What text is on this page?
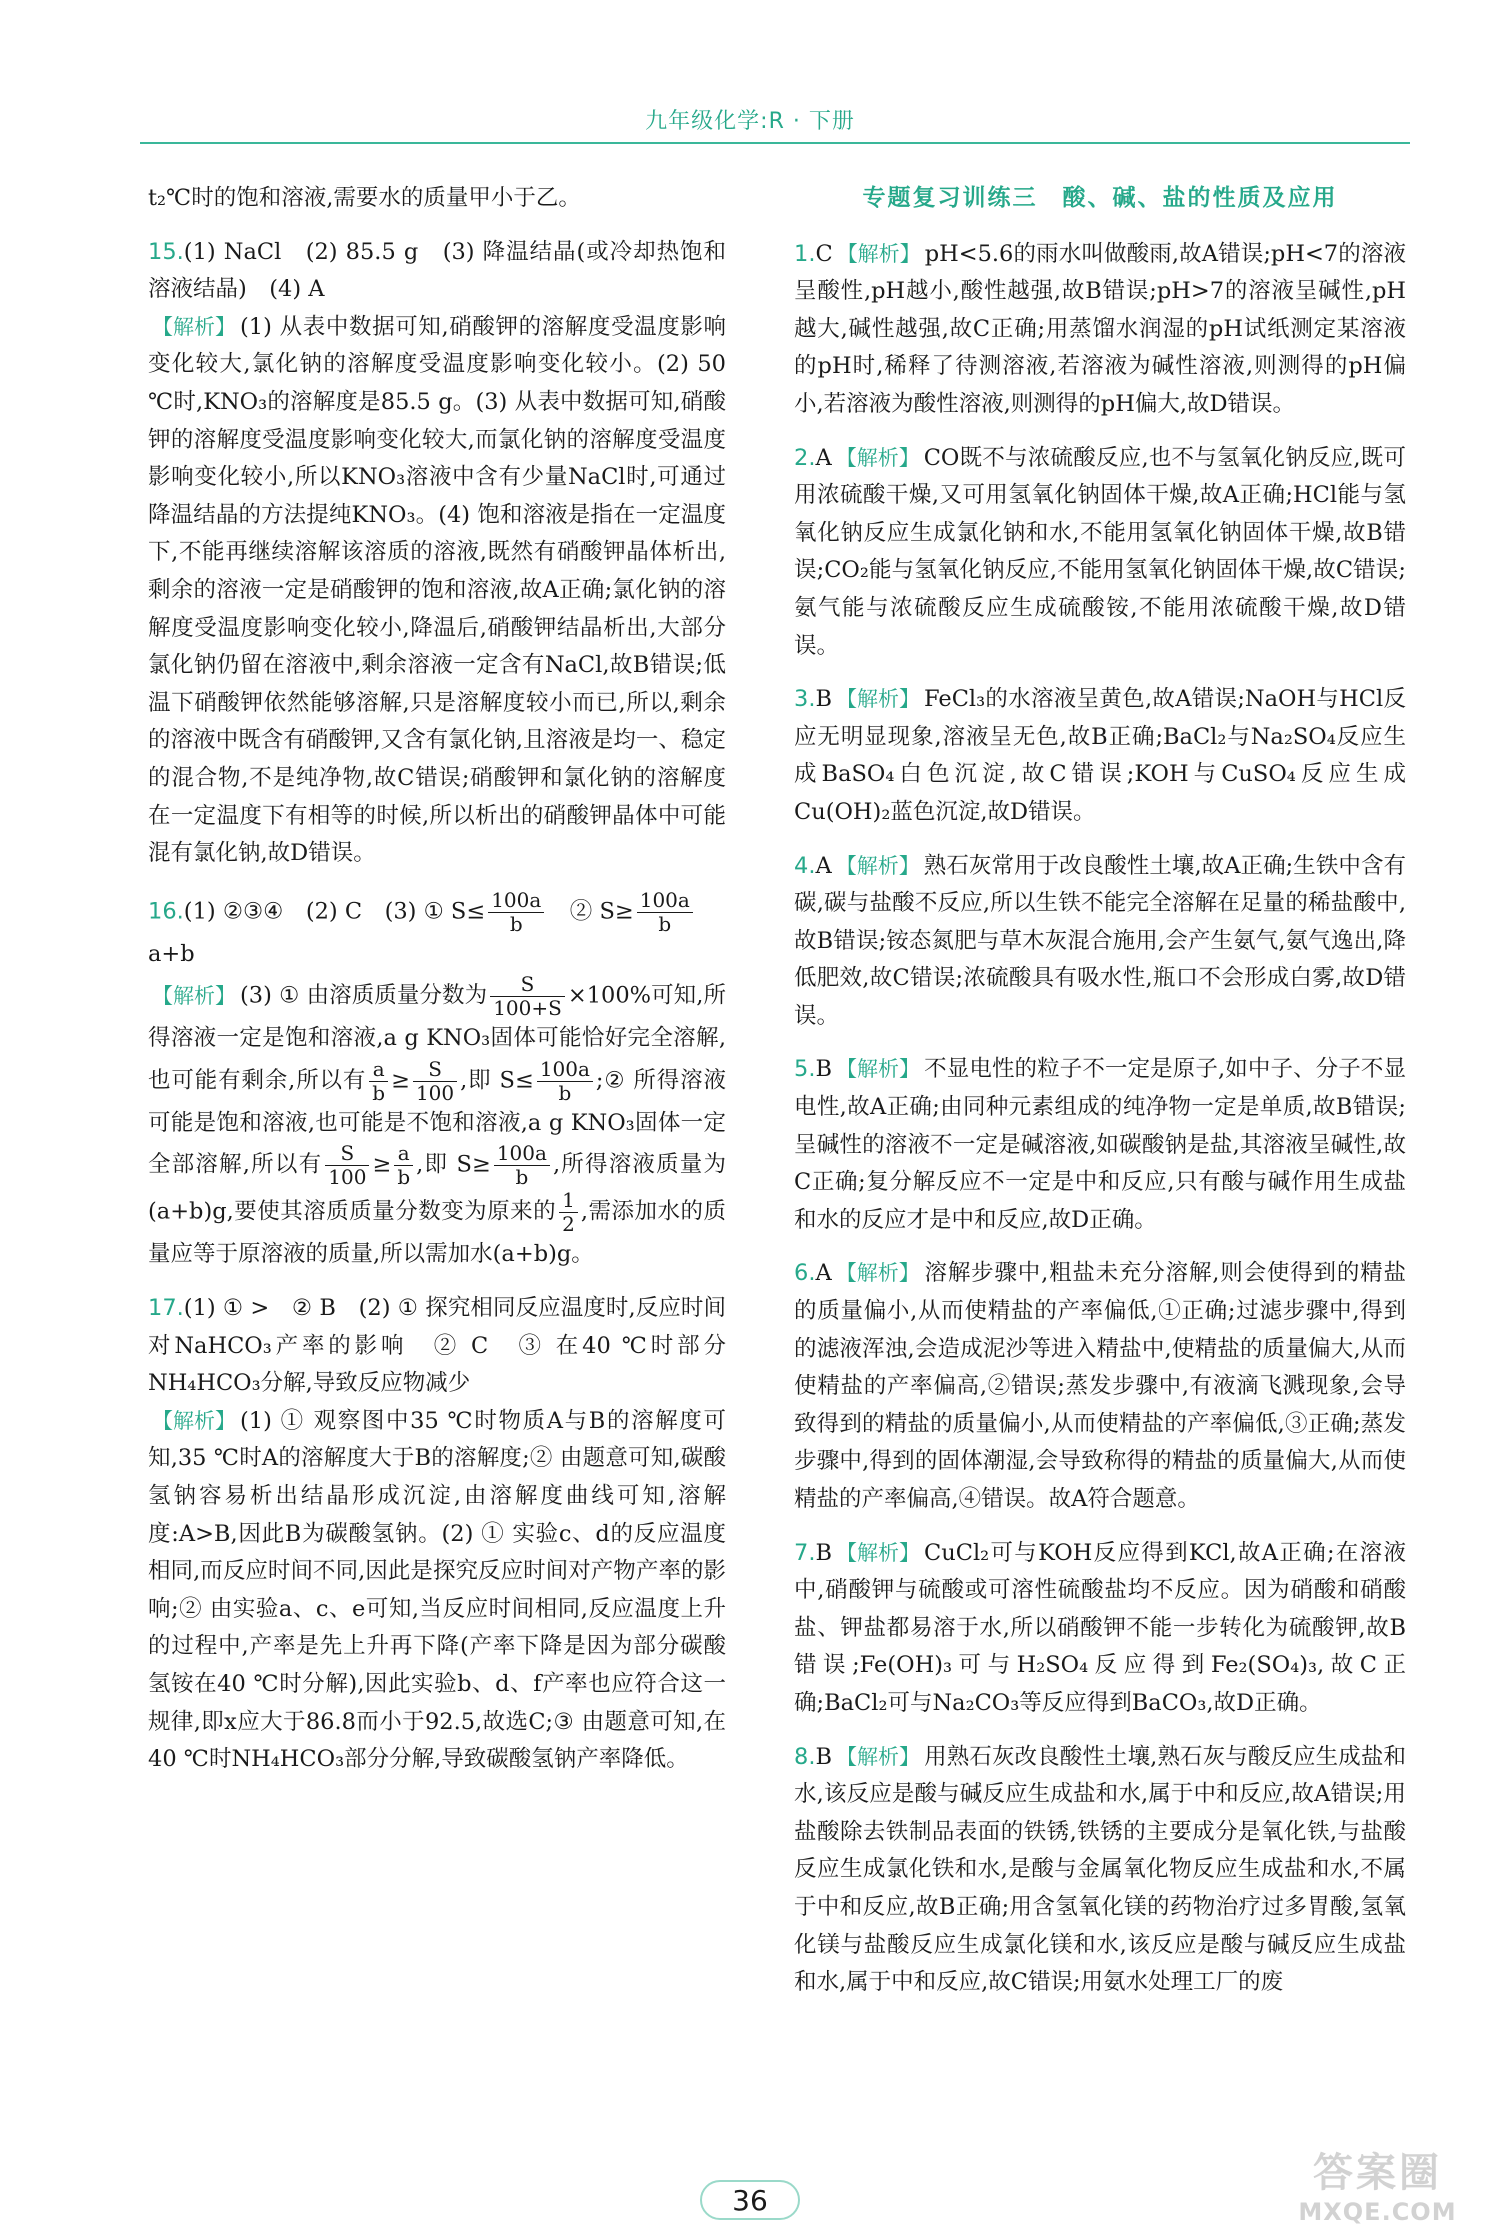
九年级化学:R · 下册
t₂℃时的饱和溶液,需要水的质量甲小于乙。
15.(1) NaCl　(2) 85.5 g　(3) 降温结晶(或冷却热饱和溶液结晶)　(4) A
【解析】 (1) 从表中数据可知,硝酸钾的溶解度受温度影响变化较大,氯化钠的溶解度受温度影响变化较小。(2) 50 ℃时,KNO₃的溶解度是85.5 g。(3) 从表中数据可知,硝酸钾的溶解度受温度影响变化较大,而氯化钠的溶解度受温度影响变化较小,所以KNO₃溶液中含有少量NaCl时,可通过降温结晶的方法提纯KNO₃。(4) 饱和溶液是指在一定温度下,不能再继续溶解该溶质的溶液,既然有硝酸钾晶体析出,剩余的溶液一定是硝酸钾的饱和溶液,故A正确;氯化钠的溶解度受温度影响变化较小,降温后,硝酸钾结晶析出,大部分氯化钠仍留在溶液中,剩余溶液一定含有NaCl,故B错误;低温下硝酸钾依然能够溶解,只是溶解度较小而已,所以,剩余的溶液中既含有硝酸钾,又含有氯化钠,且溶液是均一、稳定的混合物,不是纯净物,故C错误;硝酸钾和氯化钠的溶解度在一定温度下有相等的时候,所以析出的硝酸钾晶体中可能混有氯化钠,故D错误。
16.(1) ②③④　(2) C　(3) ① $S\le \frac{100a}{b}$ 　② $S\ge \frac{100a}{b}$

a+b
【解析】 (3) ① 由溶质质量分数为 $\frac{S}{100+S} \times 100\%$可知,所得溶液一定是饱和溶液,a g KNO₃固体可能恰好完全溶解,也可能有剩余,所以有 $\frac{a}{b} \ge \frac{S}{100}$ ,即 $S\le \frac{100a}{b}$ ;② 所得溶液可能是饱和溶液,也可能是不饱和溶液,a g KNO₃固体一定全部溶解,所以有 $\frac{S}{100} \ge \frac{a}{b}$ ,即 $S\ge \frac{100a}{b}$ ,所得溶液质量为(a+b)g,要使其溶质质量分数变为原来的 $\frac{1}{2}$ ,需添加水的质量应等于原溶液的质量,所以需加水(a+b)g。
17.(1) ① >　② B　(2) ① 探究相同反应温度时,反应时间对NaHCO₃产率的影响　② C　③ 在40 ℃时部分NH₄HCO₃分解,导致反应物减少
【解析】 (1) ① 观察图中35 ℃时物质A与B的溶解度可知,35 ℃时A的溶解度大于B的溶解度;② 由题意可知,碳酸氢钠容易析出结晶形成沉淀,由溶解度曲线可知,溶解度:A>B,因此B为碳酸氢钠。(2) ① 实验c、d的反应温度相同,而反应时间不同,因此是探究反应时间对产物产率的影响;② 由实验a、c、e可知,当反应时间相同,反应温度上升的过程中,产率是先上升再下降(产率下降是因为部分碳酸氢铵在40 ℃时分解),因此实验b、d、f产率也应符合这一规律,即x应大于86.8而小于92.5,故选C;③ 由题意可知,在40 ℃时NH₄HCO₃部分分解,导致碳酸氢钠产率降低。
专题复习训练三　酸、碱、盐的性质及应用
1.C 【解析】 pH<5.6的雨水叫做酸雨,故A错误;pH<7的溶液呈酸性,pH越小,酸性越强,故B错误;pH>7的溶液呈碱性,pH越大,碱性越强,故C正确;用蒸馏水润湿的pH试纸测定某溶液的pH时,稀释了待测溶液,若溶液为碱性溶液,则测得的pH偏小,若溶液为酸性溶液,则测得的pH偏大,故D错误。
2.A 【解析】 CO既不与浓硫酸反应,也不与氢氧化钠反应,既可用浓硫酸干燥,又可用氢氧化钠固体干燥,故A正确;HCl能与氢氧化钠反应生成氯化钠和水,不能用氢氧化钠固体干燥,故B错误;CO₂能与氢氧化钠反应,不能用氢氧化钠固体干燥,故C错误;氨气能与浓硫酸反应生成硫酸铵,不能用浓硫酸干燥,故D错误。
3.B 【解析】 FeCl₃的水溶液呈黄色,故A错误;NaOH与HCl反应无明显现象,溶液呈无色,故B正确;BaCl₂与Na₂SO₄反应生成BaSO₄白色沉淀,故C错误;KOH与CuSO₄反应生成Cu(OH)₂蓝色沉淀,故D错误。
4.A 【解析】 熟石灰常用于改良酸性土壤,故A正确;生铁中含有碳,碳与盐酸不反应,所以生铁不能完全溶解在足量的稀盐酸中,故B错误;铵态氮肥与草木灰混合施用,会产生氨气,氨气逸出,降低肥效,故C错误;浓硫酸具有吸水性,瓶口不会形成白雾,故D错误。
5.B 【解析】 不显电性的粒子不一定是原子,如中子、分子不显电性,故A正确;由同种元素组成的纯净物一定是单质,故B错误;呈碱性的溶液不一定是碱溶液,如碳酸钠是盐,其溶液呈碱性,故C正确;复分解反应不一定是中和反应,只有酸与碱作用生成盐和水的反应才是中和反应,故D正确。
6.A 【解析】 溶解步骤中,粗盐未充分溶解,则会使得到的精盐的质量偏小,从而使精盐的产率偏低,①正确;过滤步骤中,得到的滤液浑浊,会造成泥沙等进入精盐中,使精盐的质量偏大,从而使精盐的产率偏高,②错误;蒸发步骤中,有液滴飞溅现象,会导致得到的精盐的质量偏小,从而使精盐的产率偏低,③正确;蒸发步骤中,得到的固体潮湿,会导致称得的精盐的质量偏大,从而使精盐的产率偏高,④错误。故A符合题意。
7.B 【解析】 CuCl₂可与KOH反应得到KCl,故A正确;在溶液中,硝酸钾与硫酸或可溶性硫酸盐均不反应。因为硝酸和硝酸盐、钾盐都易溶于水,所以硝酸钾不能一步转化为硫酸钾,故B错误;Fe(OH)₃可与H₂SO₄反应得到Fe₂(SO₄)₃,故C正确;BaCl₂可与Na₂CO₃等反应得到BaCO₃,故D正确。
8.B 【解析】 用熟石灰改良酸性土壤,熟石灰与酸反应生成盐和水,该反应是酸与碱反应生成盐和水,属于中和反应,故A错误;用盐酸除去铁制品表面的铁锈,铁锈的主要成分是氧化铁,与盐酸反应生成氯化铁和水,是酸与金属氧化物反应生成盐和水,不属于中和反应,故B正确;用含氢氧化镁的药物治疗过多胃酸,氢氧化镁与盐酸反应生成氯化镁和水,该反应是酸与碱反应生成盐和水,属于中和反应,故C错误;用氨水处理工厂的废
36
答案圈
MXQE.COM
